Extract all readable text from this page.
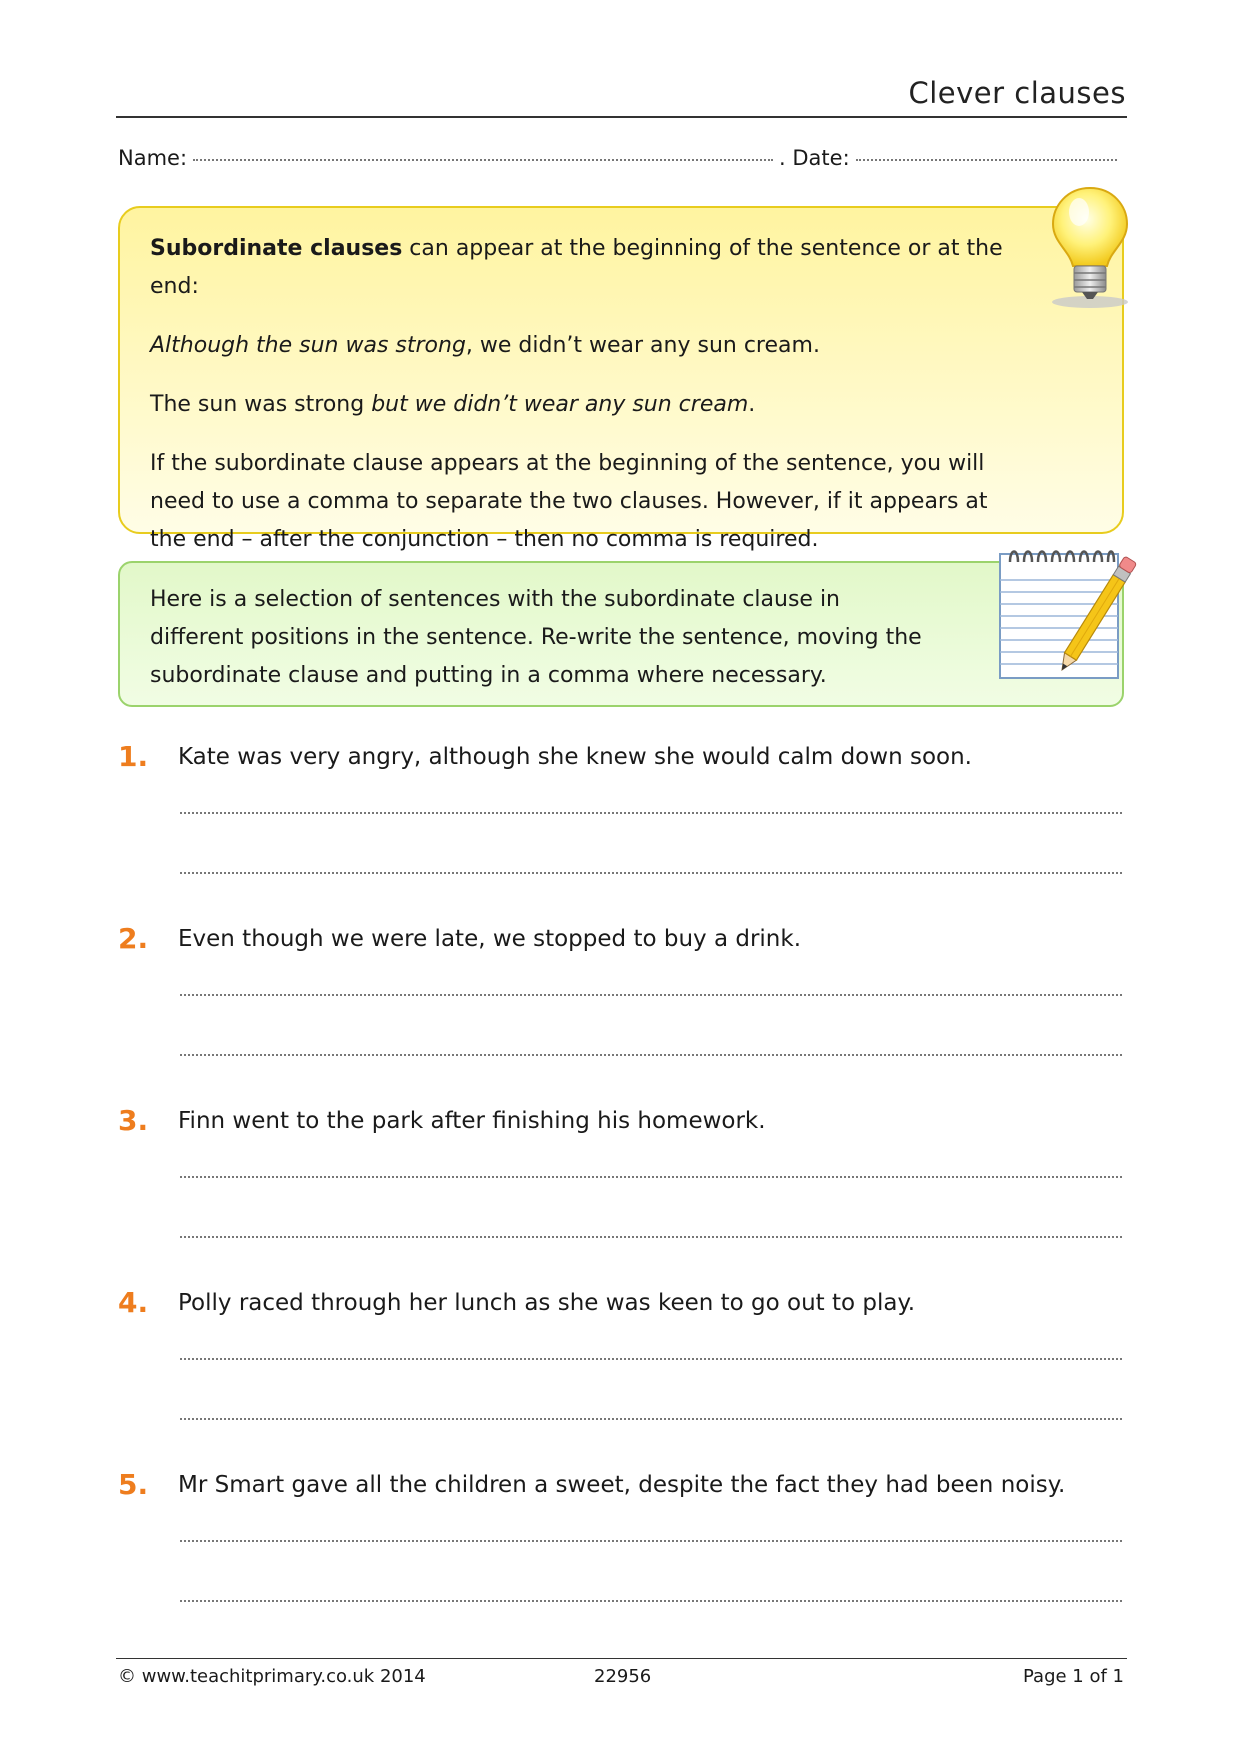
Clever clauses
Name:	. Date:

Subordinate clauses can appear at the beginning of the sentence or at the end:

Although the sun was strong, we didn’t wear any sun cream.

The sun was strong but we didn’t wear any sun cream.

If the subordinate clause appears at the beginning of the sentence, you will need to use a comma to separate the two clauses. However, if it appears at the end – after the conjunction – then no comma is required.

Here is a selection of sentences with the subordinate clause in different positions in the sentence. Re-write the sentence, moving the subordinate clause and putting in a comma where necessary.

1. Kate was very angry, although she knew she would calm down soon.
2. Even though we were late, we stopped to buy a drink.
3. Finn went to the park after finishing his homework.
4. Polly raced through her lunch as she was keen to go out to play.
5. Mr Smart gave all the children a sweet, despite the fact they had been noisy.
© www.teachitprimary.co.uk 2014	22956	Page 1 of 1
